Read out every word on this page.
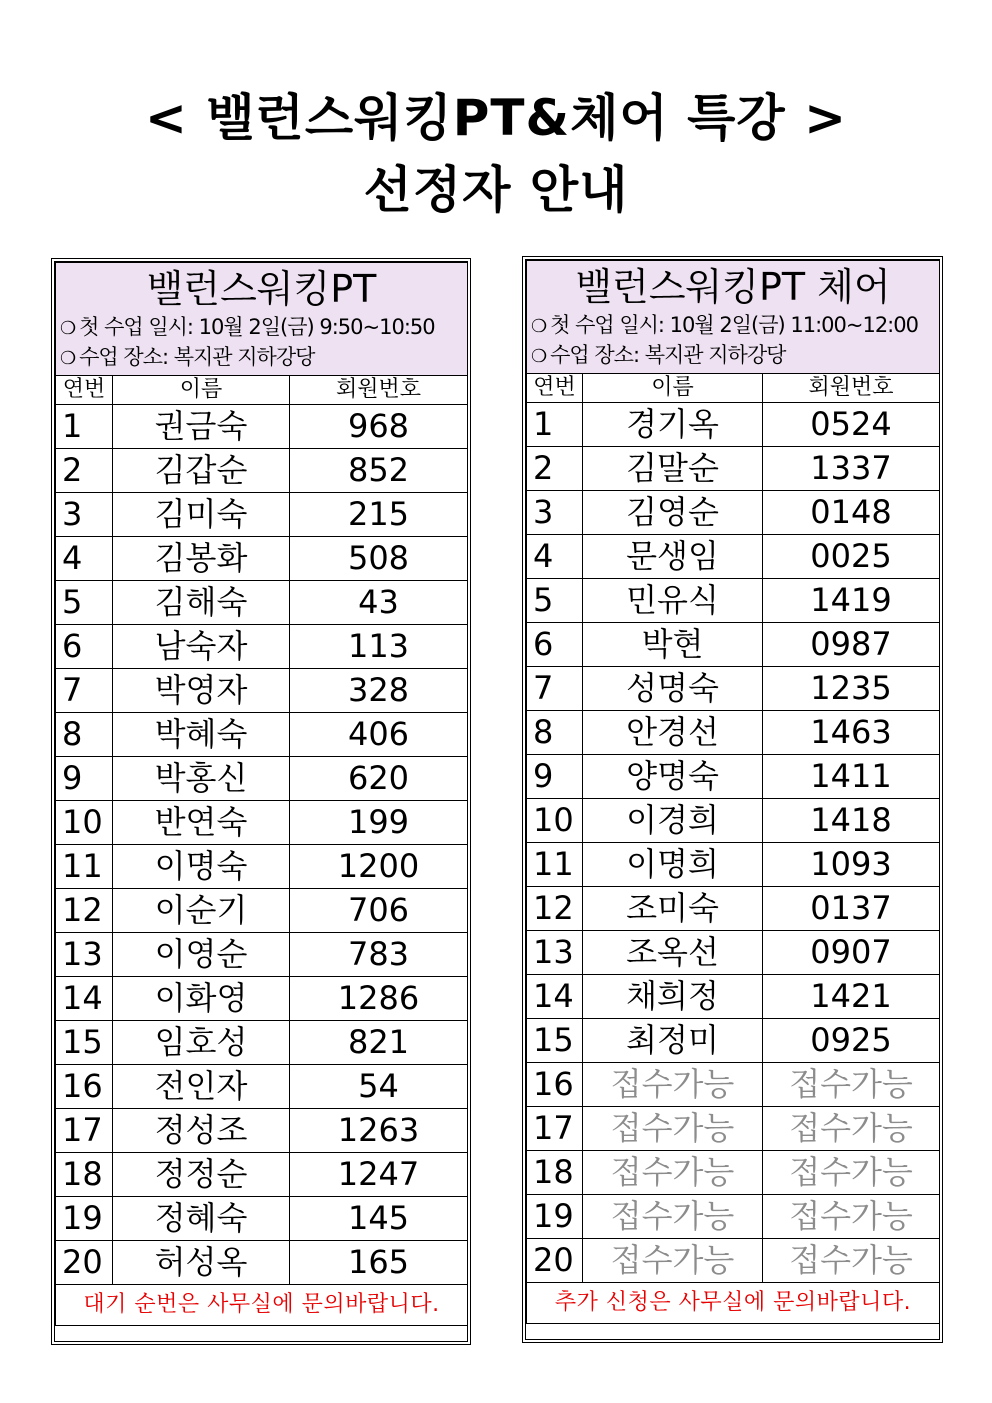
< 밸런스워킹PT&체어 특강 >
선정자 안내
밸런스워킹PT
❍ 첫 수업 일시: 10월 2일(금) 9:50~10:50
❍ 수업 장소: 복지관 지하강당		

연번	이름	회원번호
1	권금숙	968
2	김갑순	852
3	김미숙	215
4	김봉화	508
5	김해숙	43
6	남숙자	113
7	박영자	328
8	박혜숙	406
9	박홍신	620
10	반연숙	199
11	이명숙	1200
12	이순기	706
13	이영순	783
14	이화영	1286
15	임호성	821
16	전인자	54
17	정성조	1263
18	정정순	1247
19	정혜숙	145
20	허성옥	165
대기 순번은 사무실에 문의바랍니다.		
밸런스워킹PT 체어
❍ 첫 수업 일시: 10월 2일(금) 11:00~12:00
❍ 수업 장소: 복지관 지하강당		

연번	이름	회원번호
1	경기옥	0524
2	김말순	1337
3	김영순	0148
4	문생임	0025
5	민유식	1419
6	박현	0987
7	성명숙	1235
8	안경선	1463
9	양명숙	1411
10	이경희	1418
11	이명희	1093
12	조미숙	0137
13	조옥선	0907
14	채희정	1421
15	최정미	0925
16	접수가능	접수가능
17	접수가능	접수가능
18	접수가능	접수가능
19	접수가능	접수가능
20	접수가능	접수가능
추가 신청은 사무실에 문의바랍니다.		
